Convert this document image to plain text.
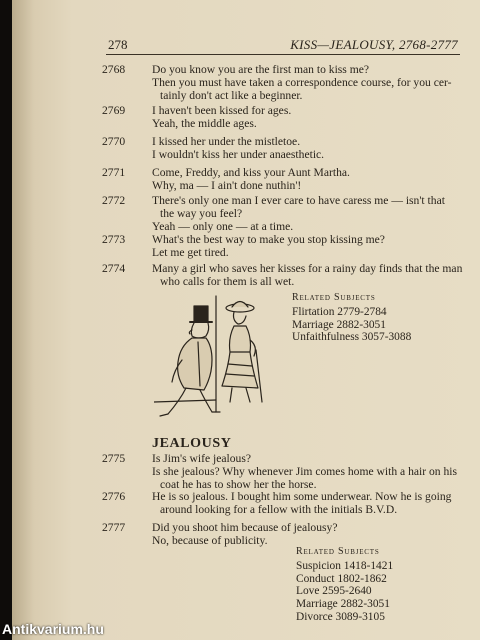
278	KISS—JEALOUSY, 2768-2777
2768	Do you know you are the first man to kiss me?
Then you must have taken a correspondence course, for you cer-
tainly don't act like a beginner.
2769	I haven't been kissed for ages.
Yeah, the middle ages.
2770	I kissed her under the mistletoe.
I wouldn't kiss her under anaesthetic.
2771	Come, Freddy, and kiss your Aunt Martha.
Why, ma — I ain't done nuthin'!
2772	There's only one man I ever care to have caress me — isn't that
the way you feel?
Yeah — only one — at a time.
2773	What's the best way to make you stop kissing me?
Let me get tired.
2774	Many a girl who saves her kisses for a rainy day finds that the man
who calls for them is all wet.
Related Subjects
Flirtation 2779-2784
Marriage 2882-3051
Unfaithfulness 3057-3088
JEALOUSY
2775	Is Jim's wife jealous?
Is she jealous? Why whenever Jim comes home with a hair on his
coat he has to show her the horse.
2776	He is so jealous. I bought him some underwear. Now he is going
around looking for a fellow with the initials B.V.D.
2777	Did you shoot him because of jealousy?
No, because of publicity.
Related Subjects
Suspicion 1418-1421
Conduct 1802-1862
Love 2595-2640
Marriage 2882-3051
Divorce 3089-3105
Antikvarium.hu
